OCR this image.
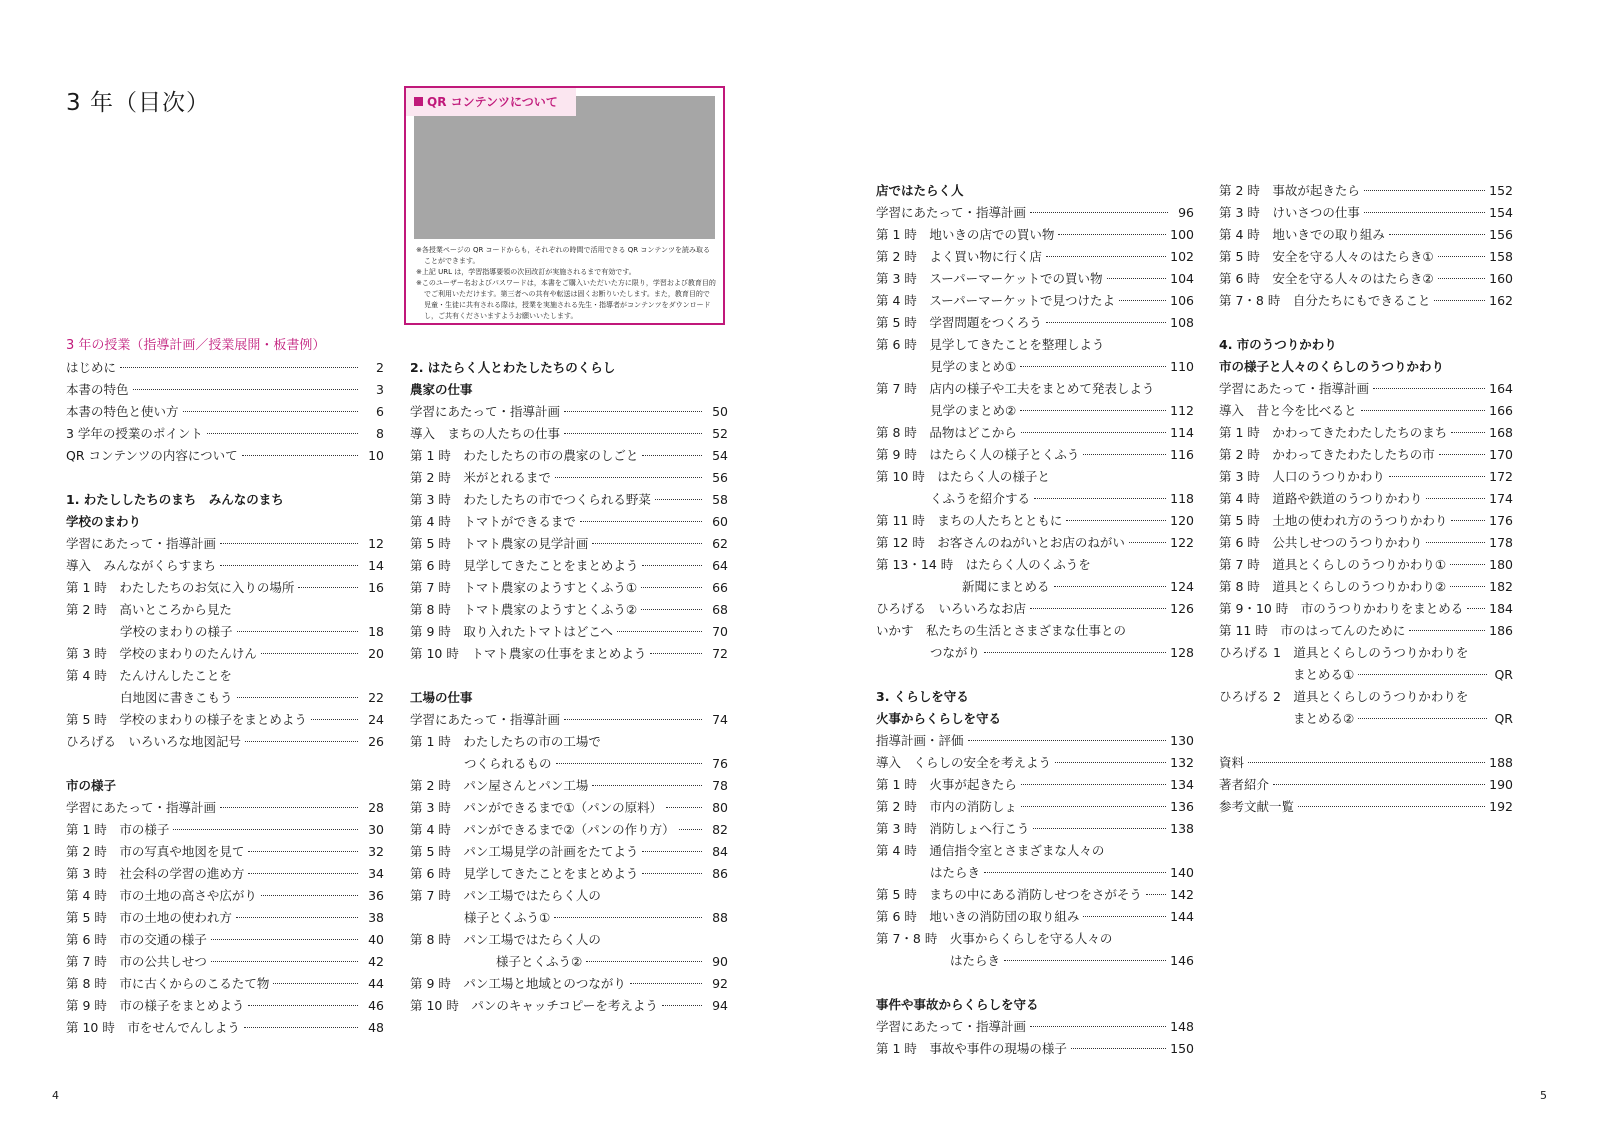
3 年（目次）	QR コンテンツについて
※各授業ページの QR コードからも，それぞれの時間で活用できる QR コンテンツを読み取ることができます。
※上記 URL は，学習指導要領の次回改訂が実施されるまで有効です。
※このユーザー名およびパスワードは，本書をご購入いただいた方に限り，学習および教育目的でご利用いただけます。第三者への共有や転送は固くお断りいたします。また，教育目的で児童・生徒に共有される際は，授業を実施される先生・指導者がコンテンツをダウンロードし，ご共有くださいますようお願いいたします。
3 年の授業（指導計画／授業展開・板書例）
はじめに	2
本書の特色	3
本書の特色と使い方	6
3 学年の授業のポイント	8
QR コンテンツの内容について	10
1. わたししたちのまち　みんなのまち
学校のまわり
学習にあたって・指導計画	12
導入　みんながくらすまち	14
第 1 時　わたしたちのお気に入りの場所	16
第 2 時　高いところから見た
学校のまわりの様子	18
第 3 時　学校のまわりのたんけん	20
第 4 時　たんけんしたことを
白地図に書きこもう	22
第 5 時　学校のまわりの様子をまとめよう	24
ひろげる　いろいろな地図記号	26
市の様子
学習にあたって・指導計画	28
第 1 時　市の様子	30
第 2 時　市の写真や地図を見て	32
第 3 時　社会科の学習の進め方	34
第 4 時　市の土地の高さや広がり	36
第 5 時　市の土地の使われ方	38
第 6 時　市の交通の様子	40
第 7 時　市の公共しせつ	42
第 8 時　市に古くからのこるたて物	44
第 9 時　市の様子をまとめよう	46
第 10 時　市をせんでんしよう	48
2. はたらく人とわたしたちのくらし
農家の仕事
学習にあたって・指導計画	50
導入　まちの人たちの仕事	52
第 1 時　わたしたちの市の農家のしごと	54
第 2 時　米がとれるまで	56
第 3 時　わたしたちの市でつくられる野菜	58
第 4 時　トマトができるまで	60
第 5 時　トマト農家の見学計画	62
第 6 時　見学してきたことをまとめよう	64
第 7 時　トマト農家のようすとくふう①	66
第 8 時　トマト農家のようすとくふう②	68
第 9 時　取り入れたトマトはどこへ	70
第 10 時　トマト農家の仕事をまとめよう	72
工場の仕事
学習にあたって・指導計画	74
第 1 時　わたしたちの市の工場で
つくられるもの	76
第 2 時　パン屋さんとパン工場	78
第 3 時　パンができるまで①（パンの原料）	80
第 4 時　パンができるまで②（パンの作り方）	82
第 5 時　パン工場見学の計画をたてよう	84
第 6 時　見学してきたことをまとめよう	86
第 7 時　パン工場ではたらく人の
様子とくふう①	88
第 8 時　パン工場ではたらく人の
様子とくふう②	90
第 9 時　パン工場と地域とのつながり	92
第 10 時　パンのキャッチコピーを考えよう	94
店ではたらく人
学習にあたって・指導計画	96
第 1 時　地いきの店での買い物	100
第 2 時　よく買い物に行く店	102
第 3 時　スーパーマーケットでの買い物	104
第 4 時　スーパーマーケットで見つけたよ	106
第 5 時　学習問題をつくろう	108
第 6 時　見学してきたことを整理しよう
見学のまとめ①	110
第 7 時　店内の様子や工夫をまとめて発表しよう
見学のまとめ②	112
第 8 時　品物はどこから	114
第 9 時　はたらく人の様子とくふう	116
第 10 時　はたらく人の様子と
くふうを紹介する	118
第 11 時　まちの人たちとともに	120
第 12 時　お客さんのねがいとお店のねがい	122
第 13・14 時　はたらく人のくふうを
新聞にまとめる	124
ひろげる　いろいろなお店	126
いかす　私たちの生活とさまざまな仕事との
つながり	128
3. くらしを守る
火事からくらしを守る
指導計画・評価	130
導入　くらしの安全を考えよう	132
第 1 時　火事が起きたら	134
第 2 時　市内の消防しょ	136
第 3 時　消防しょへ行こう	138
第 4 時　通信指令室とさまざまな人々の
はたらき	140
第 5 時　まちの中にある消防しせつをさがそう 142
第 6 時　地いきの消防団の取り組み	144
第 7・8 時　火事からくらしを守る人々の
はたらき	146
事件や事故からくらしを守る
学習にあたって・指導計画	148
第 1 時　事故や事件の現場の様子	150
第 2 時　事故が起きたら	152
第 3 時　けいさつの仕事	154
第 4 時　地いきでの取り組み	156
第 5 時　安全を守る人々のはたらき①	158
第 6 時　安全を守る人々のはたらき②	160
第 7・8 時　自分たちにもできること	162
4. 市のうつりかわり
市の様子と人々のくらしのうつりかわり
学習にあたって・指導計画	164
導入　昔と今を比べると	166
第 1 時　かわってきたわたしたちのまち	168
第 2 時　かわってきたわたしたちの市	170
第 3 時　人口のうつりかわり	172
第 4 時　道路や鉄道のうつりかわり	174
第 5 時　土地の使われ方のうつりかわり	176
第 6 時　公共しせつのうつりかわり	178
第 7 時　道具とくらしのうつりかわり①	180
第 8 時　道具とくらしのうつりかわり②	182
第 9・10 時　市のうつりかわりをまとめる 184
第 11 時　市のはってんのために	186
ひろげる 1　道具とくらしのうつりかわりを
まとめる①	QR
ひろげる 2　道具とくらしのうつりかわりを
まとめる②	QR
資料	188
著者紹介	190
参考文献一覧	192
4	5
